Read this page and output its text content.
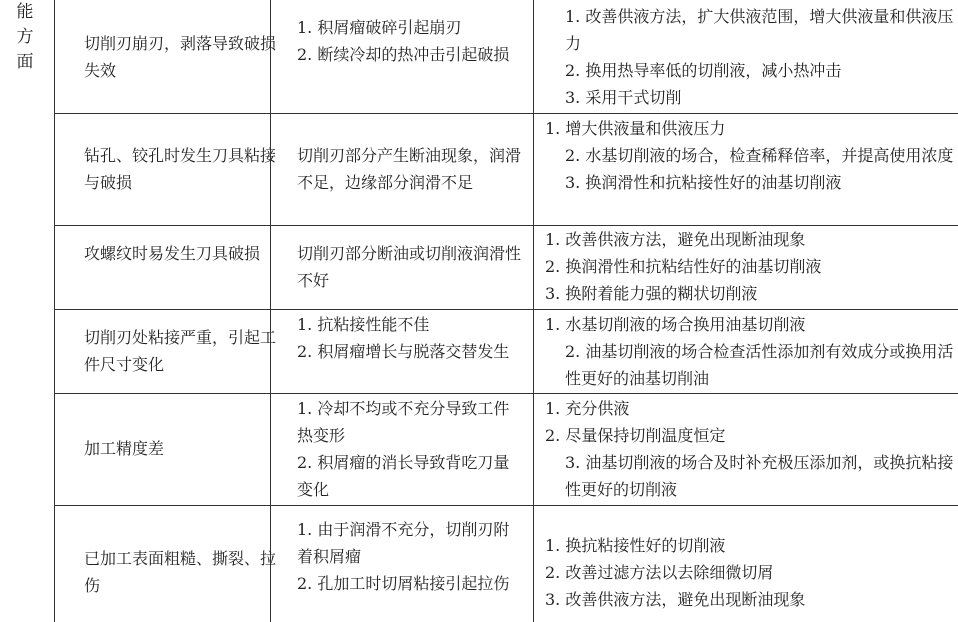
能方面
切削刃崩刃，剥落导致破损失效

1. 积屑瘤破碎引起崩刃

2. 断续冷却的热冲击引起破损

1. 改善供液方法，扩大供液范围，增大供液量和供液压力

2. 换用热导率低的切削液，减小热冲击

3. 采用干式切削

钻孔、铰孔时发生刀具粘接与破损

切削刃部分产生断油现象，润滑不足，边缘部分润滑不足

1. 增大供液量和供液压力

2. 水基切削液的场合，检查稀释倍率，并提高使用浓度

3. 换润滑性和抗粘接性好的油基切削液

攻螺纹时易发生刀具破损	切削刃部分断油或切削液润滑性不好

1. 改善供液方法，避免出现断油现象

2. 换润滑性和抗粘结性好的油基切削液

3. 换附着能力强的糊状切削液

切削刃处粘接严重，引起工件尺寸变化

1. 抗粘接性能不佳

2. 积屑瘤增长与脱落交替发生

1. 水基切削液的场合换用油基切削液

2. 油基切削液的场合检查活性添加剂有效成分或换用活性更好的油基切削油

加工精度差

1. 冷却不均或不充分导致工件热变形

2. 积屑瘤的消长导致背吃刀量变化

1. 充分供液

2. 尽量保持切削温度恒定

3. 油基切削液的场合及时补充极压添加剂，或换抗粘接性更好的切削液

已加工表面粗糙、撕裂、拉伤

1. 由于润滑不充分，切削刃附着积屑瘤

2. 孔加工时切屑粘接引起拉伤

1. 换抗粘接性好的切削液

2. 改善过滤方法以去除细微切屑

3. 改善供液方法，避免出现断油现象
